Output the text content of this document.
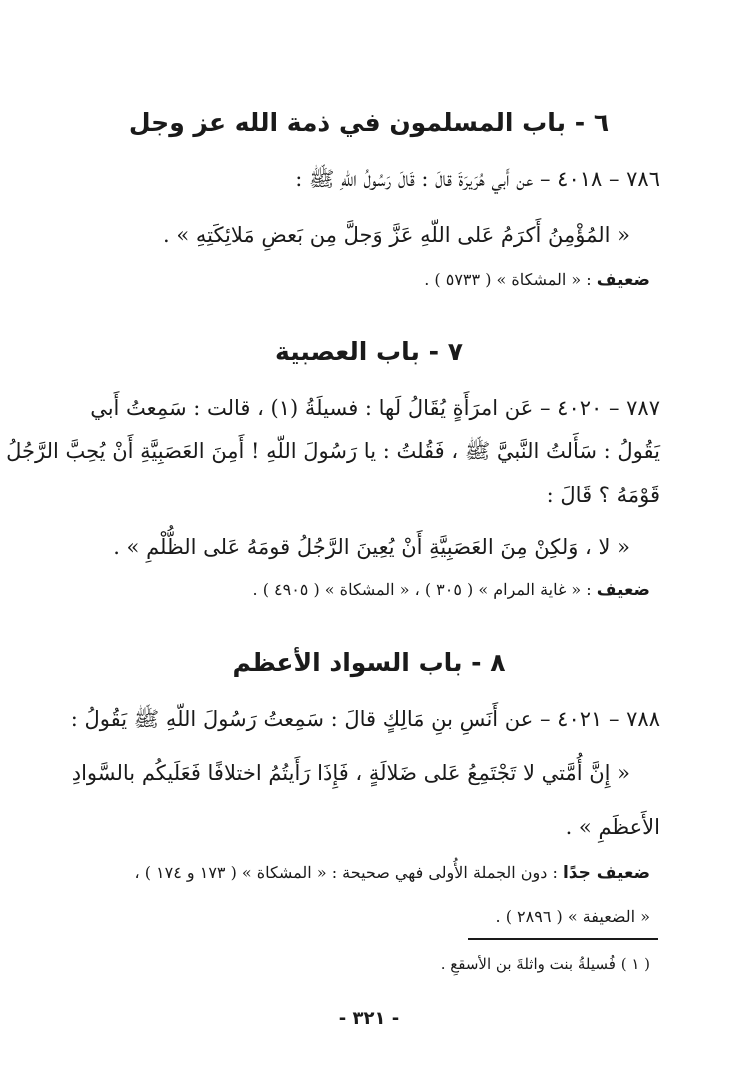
٦ - باب المسلمون في ذمة الله عز وجل
٧٨٦ – ٤٠١٨ – عن أَبي هُرَيرَةَ قالَ : قَالَ رَسُولُ اللّهِ ﷺ :
« المُؤْمِنُ أَكرَمُ عَلى اللّهِ عَزَّ وَجلَّ مِن بَعضِ مَلائِكَتِهِ » .
ضعيف : « المشكاة » ( ٥٧٣٣ ) .
٧ - باب العصبية
٧٨٧ – ٤٠٢٠ – عَن امرَأَةٍ يُقَالُ لَها : فسيلَةُ (١) ، قالت : سَمِعتُ أَبي
يَقُولُ : سَأَلتُ النَّبيَّ ﷺ ، فَقُلتُ : يا رَسُولَ اللّهِ ! أَمِنَ العَصَبِيَّةِ أَنْ يُحِبَّ الرَّجُلُ
قَوْمَهُ ؟ قَالَ :
« لا ، وَلكِنْ مِنَ العَصَبِيَّةِ أَنْ يُعِينَ الرَّجُلُ قومَهُ عَلى الظُّلْمِ » .
ضعيف : « غاية المرام » ( ٣٠٥ ) ، « المشكاة » ( ٤٩٠٥ ) .
٨ - باب السواد الأعظم
٧٨٨ – ٤٠٢١ – عن أَنَسِ بنِ مَالِكٍ قالَ : سَمِعتُ رَسُولَ اللّهِ ﷺ يَقُولُ :
« إِنَّ أُمَّتي لا تَجْتَمِعُ عَلى ضَلالَةٍ ، فَإِذَا رَأَيتُمُ اختلافًا فَعَلَيكُم بالسَّوادِ
الأَعظَمِ » .
ضعيف جدًا : دون الجملة الأُولى فهي صحيحة : « المشكاة » ( ١٧٣ و ١٧٤ ) ،
« الضعيفة » ( ٢٨٩٦ ) .
( ١ ) فُسيلةُ بنت واثلةَ بن الأسقعِ .
- ٣٢١ -
